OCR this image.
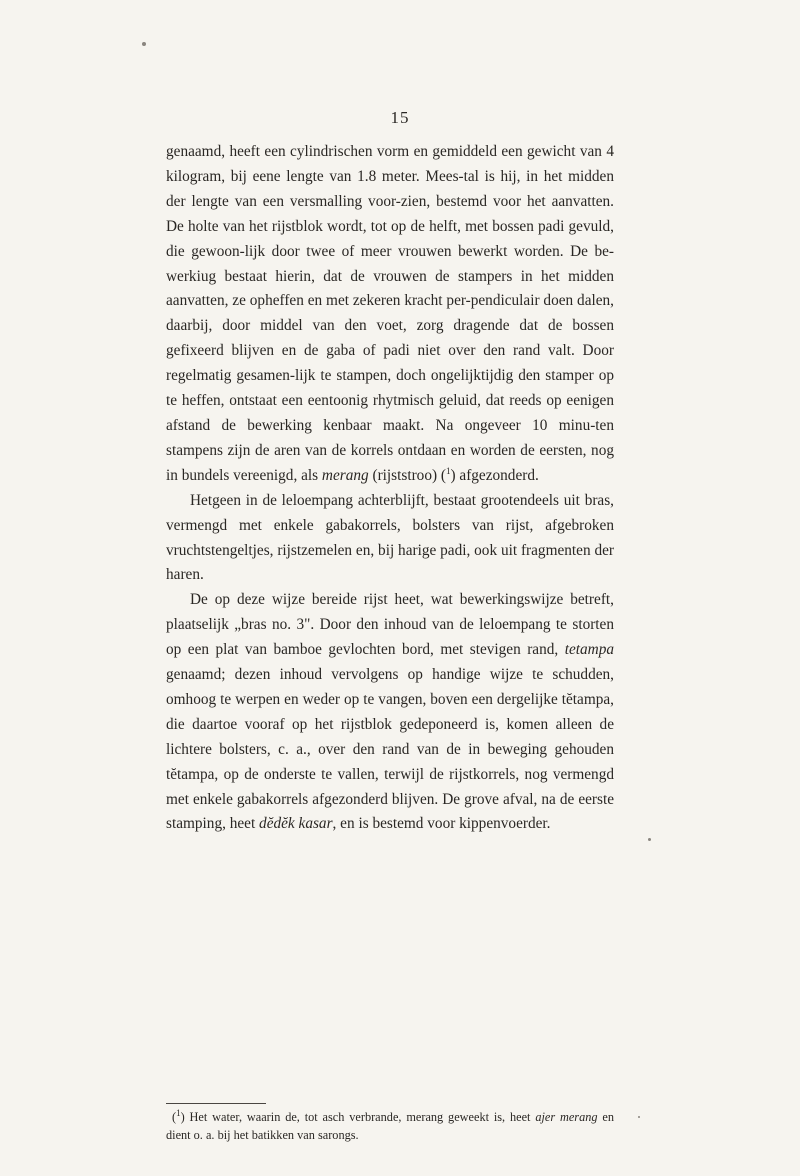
15

genaamd, heeft een cylindrischen vorm en gemiddeld een gewicht van 4 kilogram, bij eene lengte van 1.8 meter. Mees-tal is hij, in het midden der lengte van een versmalling voor-zien, bestemd voor het aanvatten. De holte van het rijstblok wordt, tot op de helft, met bossen padi gevuld, die gewoon-lijk door twee of meer vrouwen bewerkt worden. De be-werkiug bestaat hierin, dat de vrouwen de stampers in het midden aanvatten, ze opheffen en met zekeren kracht per-pendiculair doen dalen, daarbij, door middel van den voet, zorg dragende dat de bossen gefixeerd blijven en de gaba of padi niet over den rand valt. Door regelmatig gesamen-lijk te stampen, doch ongelijktijdig den stamper op te heffen, ontstaat een eentoonig rhytmisch geluid, dat reeds op eenigen afstand de bewerking kenbaar maakt. Na ongeveer 10 minu-ten stampens zijn de aren van de korrels ontdaan en worden de eersten, nog in bundels vereenigd, als merang (rijststroo) ($^1$) afgezonderd.

Hetgeen in de leloempang achterblijft, bestaat grootendeels uit bras, vermengd met enkele gabakorrels, bolsters van rijst, afgebroken vruchtstengeltjes, rijstzemelen en, bij harige padi, ook uit fragmenten der haren.

De op deze wijze bereide rijst heet, wat bewerkingswijze betreft, plaatselijk „bras no. 3". Door den inhoud van de leloempang te storten op een plat van bamboe gevlochten bord, met stevigen rand, tetampa genaamd; dezen inhoud vervolgens op handige wijze te schudden, omhoog te werpen en weder op te vangen, boven een dergelijke tĕtampa, die daartoe vooraf op het rijstblok gedeponeerd is, komen alleen de lichtere bolsters, c. a., over den rand van de in beweging gehouden tĕtampa, op de onderste te vallen, terwijl de rijstkorrels, nog vermengd met enkele gabakorrels afgezonderd blijven. De grove afval, na de eerste stamping, heet dĕdĕk kasar, en is bestemd voor kippenvoerder.

($^1$) Het water, waarin de, tot asch verbrande, merang geweekt is, heet ajer merang en dient o. a. bij het batikken van sarongs.
